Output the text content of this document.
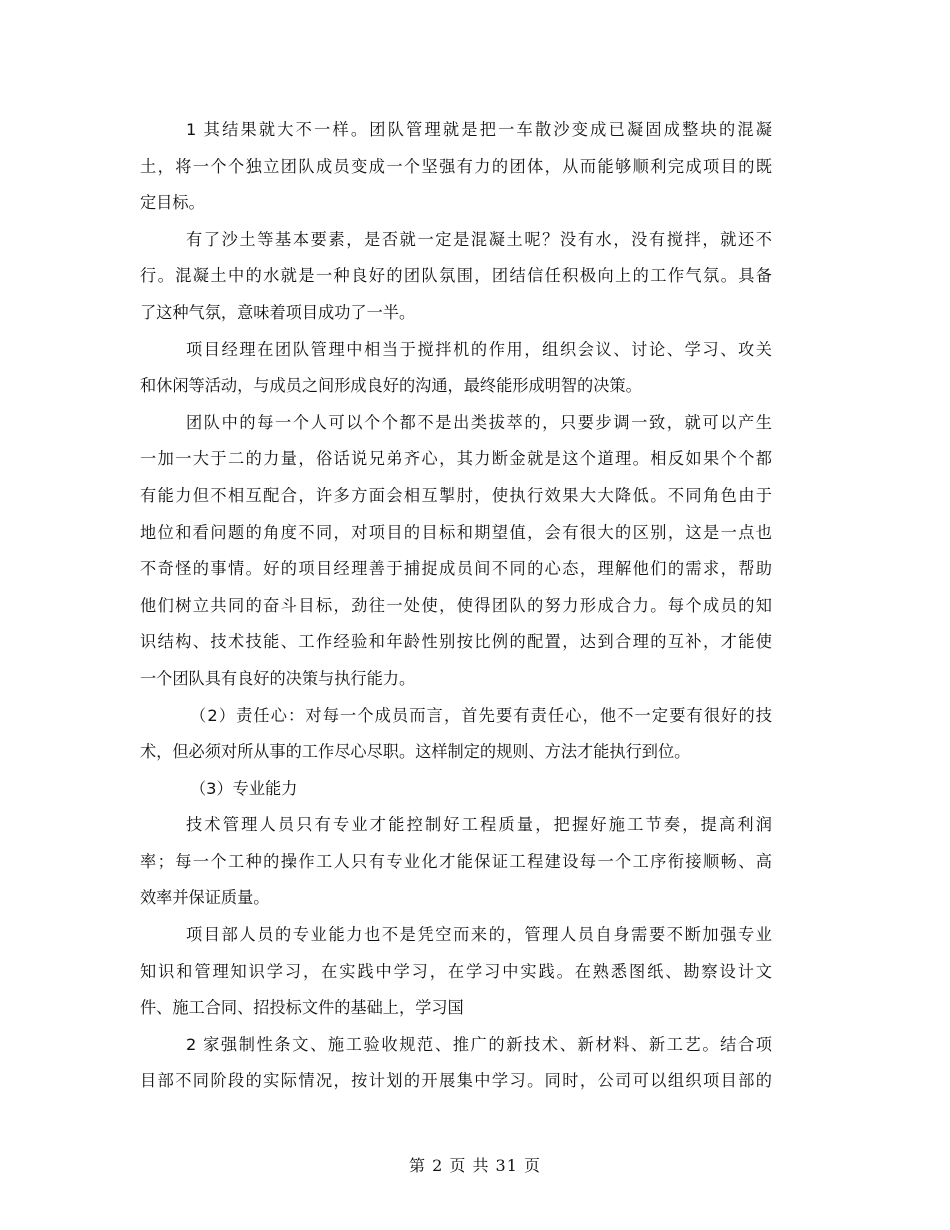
1 其结果就大不一样。团队管理就是把一车散沙变成已凝固成整块的混凝
土，将一个个独立团队成员变成一个坚强有力的团体，从而能够顺利完成项目的既
定目标。
有了沙土等基本要素，是否就一定是混凝土呢？没有水，没有搅拌，就还不
行。混凝土中的水就是一种良好的团队氛围，团结信任积极向上的工作气氛。具备
了这种气氛，意味着项目成功了一半。
项目经理在团队管理中相当于搅拌机的作用，组织会议、讨论、学习、攻关
和休闲等活动，与成员之间形成良好的沟通，最终能形成明智的决策。
团队中的每一个人可以个个都不是出类拔萃的，只要步调一致，就可以产生
一加一大于二的力量，俗话说兄弟齐心，其力断金就是这个道理。相反如果个个都
有能力但不相互配合，许多方面会相互掣肘，使执行效果大大降低。不同角色由于
地位和看问题的角度不同，对项目的目标和期望值，会有很大的区别，这是一点也
不奇怪的事情。好的项目经理善于捕捉成员间不同的心态，理解他们的需求，帮助
他们树立共同的奋斗目标，劲往一处使，使得团队的努力形成合力。每个成员的知
识结构、技术技能、工作经验和年龄性别按比例的配置，达到合理的互补，才能使
一个团队具有良好的决策与执行能力。
（2）责任心：对每一个成员而言，首先要有责任心，他不一定要有很好的技
术，但必须对所从事的工作尽心尽职。这样制定的规则、方法才能执行到位。
（3）专业能力
技术管理人员只有专业才能控制好工程质量，把握好施工节奏，提高利润
率；每一个工种的操作工人只有专业化才能保证工程建设每一个工序衔接顺畅、高
效率并保证质量。
项目部人员的专业能力也不是凭空而来的，管理人员自身需要不断加强专业
知识和管理知识学习，在实践中学习，在学习中实践。在熟悉图纸、勘察设计文
件、施工合同、招投标文件的基础上，学习国
2 家强制性条文、施工验收规范、推广的新技术、新材料、新工艺。结合项
目部不同阶段的实际情况，按计划的开展集中学习。同时，公司可以组织项目部的
第 2 页 共 31 页
